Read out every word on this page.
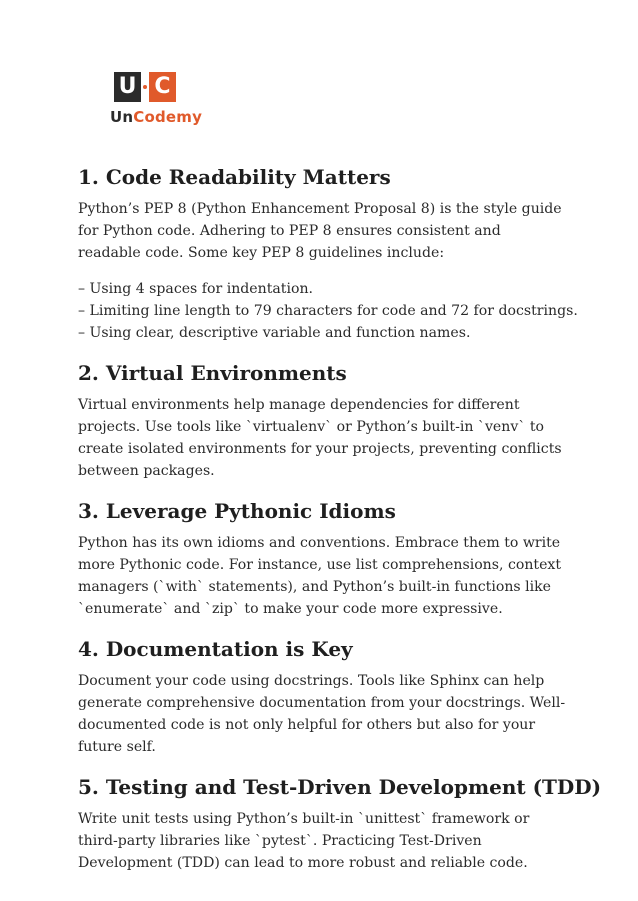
U C
UnCodemy
1. Code Readability Matters

Python’s PEP 8 (Python Enhancement Proposal 8) is the style guide for Python code. Adhering to PEP 8 ensures consistent and readable code. Some key PEP 8 guidelines include:

– Using 4 spaces for indentation.
– Limiting line length to 79 characters for code and 72 for docstrings.
– Using clear, descriptive variable and function names.
2. Virtual Environments

Virtual environments help manage dependencies for different projects. Use tools like `virtualenv` or Python’s built-in `venv` to create isolated environments for your projects, preventing conflicts between packages.

3. Leverage Pythonic Idioms

Python has its own idioms and conventions. Embrace them to write more Pythonic code. For instance, use list comprehensions, context managers (`with` statements), and Python’s built-in functions like `enumerate` and `zip` to make your code more expressive.

4. Documentation is Key

Document your code using docstrings. Tools like Sphinx can help generate comprehensive documentation from your docstrings. Well-documented code is not only helpful for others but also for your future self.

5. Testing and Test-Driven Development (TDD)

Write unit tests using Python’s built-in `unittest` framework or third-party libraries like `pytest`. Practicing Test-Driven Development (TDD) can lead to more robust and reliable code.
